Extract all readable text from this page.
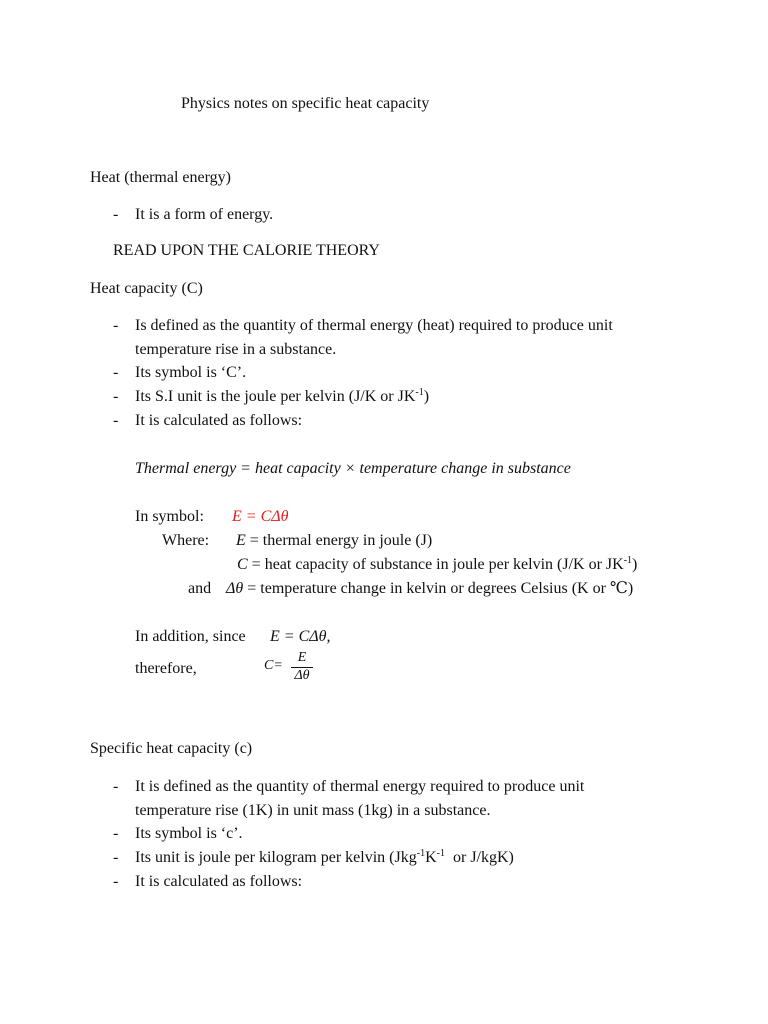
Physics notes on specific heat capacity
Heat (thermal energy)
- It is a form of energy.
READ UPON THE CALORIE THEORY
Heat capacity (C)
- Is defined as the quantity of thermal energy (heat) required to produce unit
temperature rise in a substance.
- Its symbol is ‘C’.
- Its S.I unit is the joule per kelvin (J/K or $JK^{-1}$)
- It is calculated as follows:
Thermal energy = heat capacity × temperature change in substance
In symbol: E = CΔθ
Where: E = thermal energy in joule (J)
C = heat capacity of substance in joule per kelvin (J/K or $JK^{-1}$)
and Δθ = temperature change in kelvin or degrees Celsius (K or ℃)
In addition, since E = CΔθ,
therefore,	C=
E
Δθ
Specific heat capacity (c)
- It is defined as the quantity of thermal energy required to produce unit
temperature rise (1K) in unit mass (1kg) in a substance.
- Its symbol is ‘c’.
- Its unit is joule per kilogram per kelvin ($Jkg^{-1}K^{-1}$  or J/kgK)
- It is calculated as follows:
